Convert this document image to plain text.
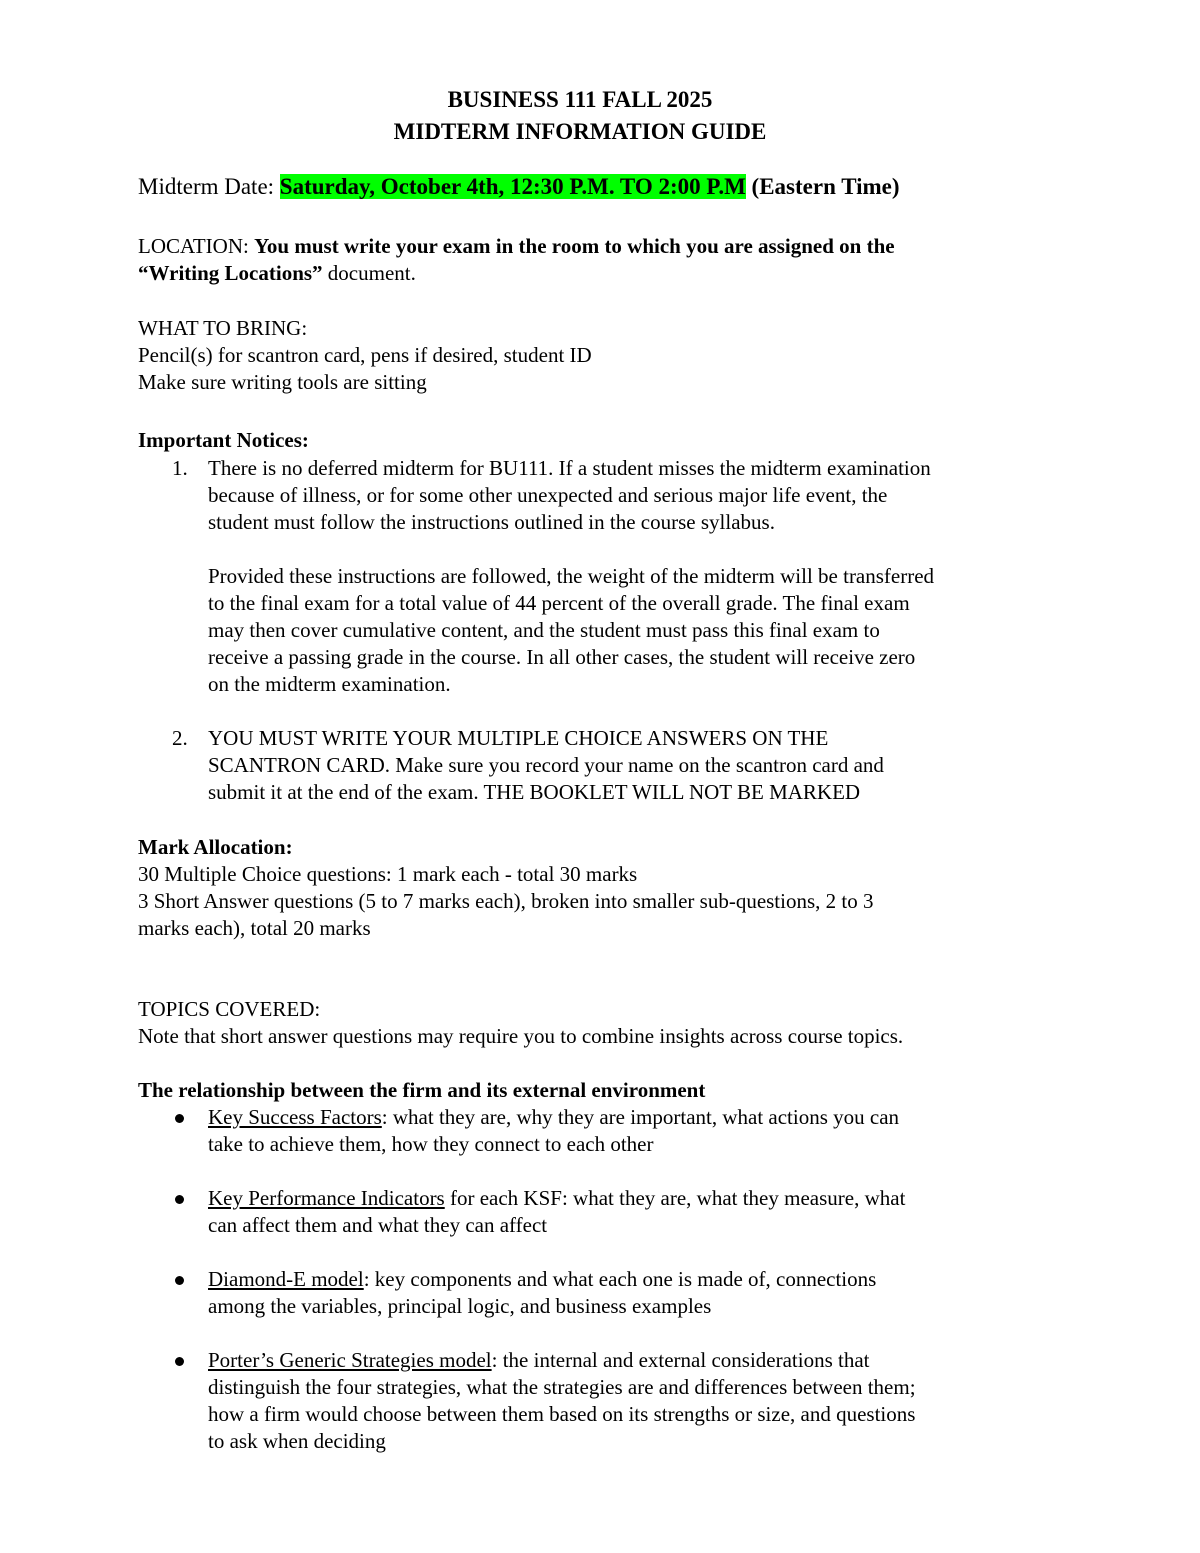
BUSINESS 111 FALL 2025
MIDTERM INFORMATION GUIDE
Midterm Date: Saturday, October 4th, 12:30 P.M. TO 2:00 P.M (Eastern Time)
LOCATION: You must write your exam in the room to which you are assigned on the
“Writing Locations” document.
WHAT TO BRING:
Pencil(s) for scantron card, pens if desired, student ID
Make sure writing tools are sitting
Important Notices:
1. There is no deferred midterm for BU111. If a student misses the midterm examination
because of illness, or for some other unexpected and serious major life event, the
student must follow the instructions outlined in the course syllabus.
Provided these instructions are followed, the weight of the midterm will be transferred
to the final exam for a total value of 44 percent of the overall grade. The final exam
may then cover cumulative content, and the student must pass this final exam to
receive a passing grade in the course. In all other cases, the student will receive zero
on the midterm examination.
2. YOU MUST WRITE YOUR MULTIPLE CHOICE ANSWERS ON THE
SCANTRON CARD. Make sure you record your name on the scantron card and
submit it at the end of the exam. THE BOOKLET WILL NOT BE MARKED
Mark Allocation:
30 Multiple Choice questions: 1 mark each - total 30 marks
3 Short Answer questions (5 to 7 marks each), broken into smaller sub-questions, 2 to 3
marks each), total 20 marks
TOPICS COVERED:
Note that short answer questions may require you to combine insights across course topics.
The relationship between the firm and its external environment
Key Success Factors: what they are, why they are important, what actions you can
take to achieve them, how they connect to each other
Key Performance Indicators for each KSF: what they are, what they measure, what
can affect them and what they can affect
Diamond-E model: key components and what each one is made of, connections
among the variables, principal logic, and business examples
Porter’s Generic Strategies model: the internal and external considerations that
distinguish the four strategies, what the strategies are and differences between them;
how a firm would choose between them based on its strengths or size, and questions
to ask when deciding
